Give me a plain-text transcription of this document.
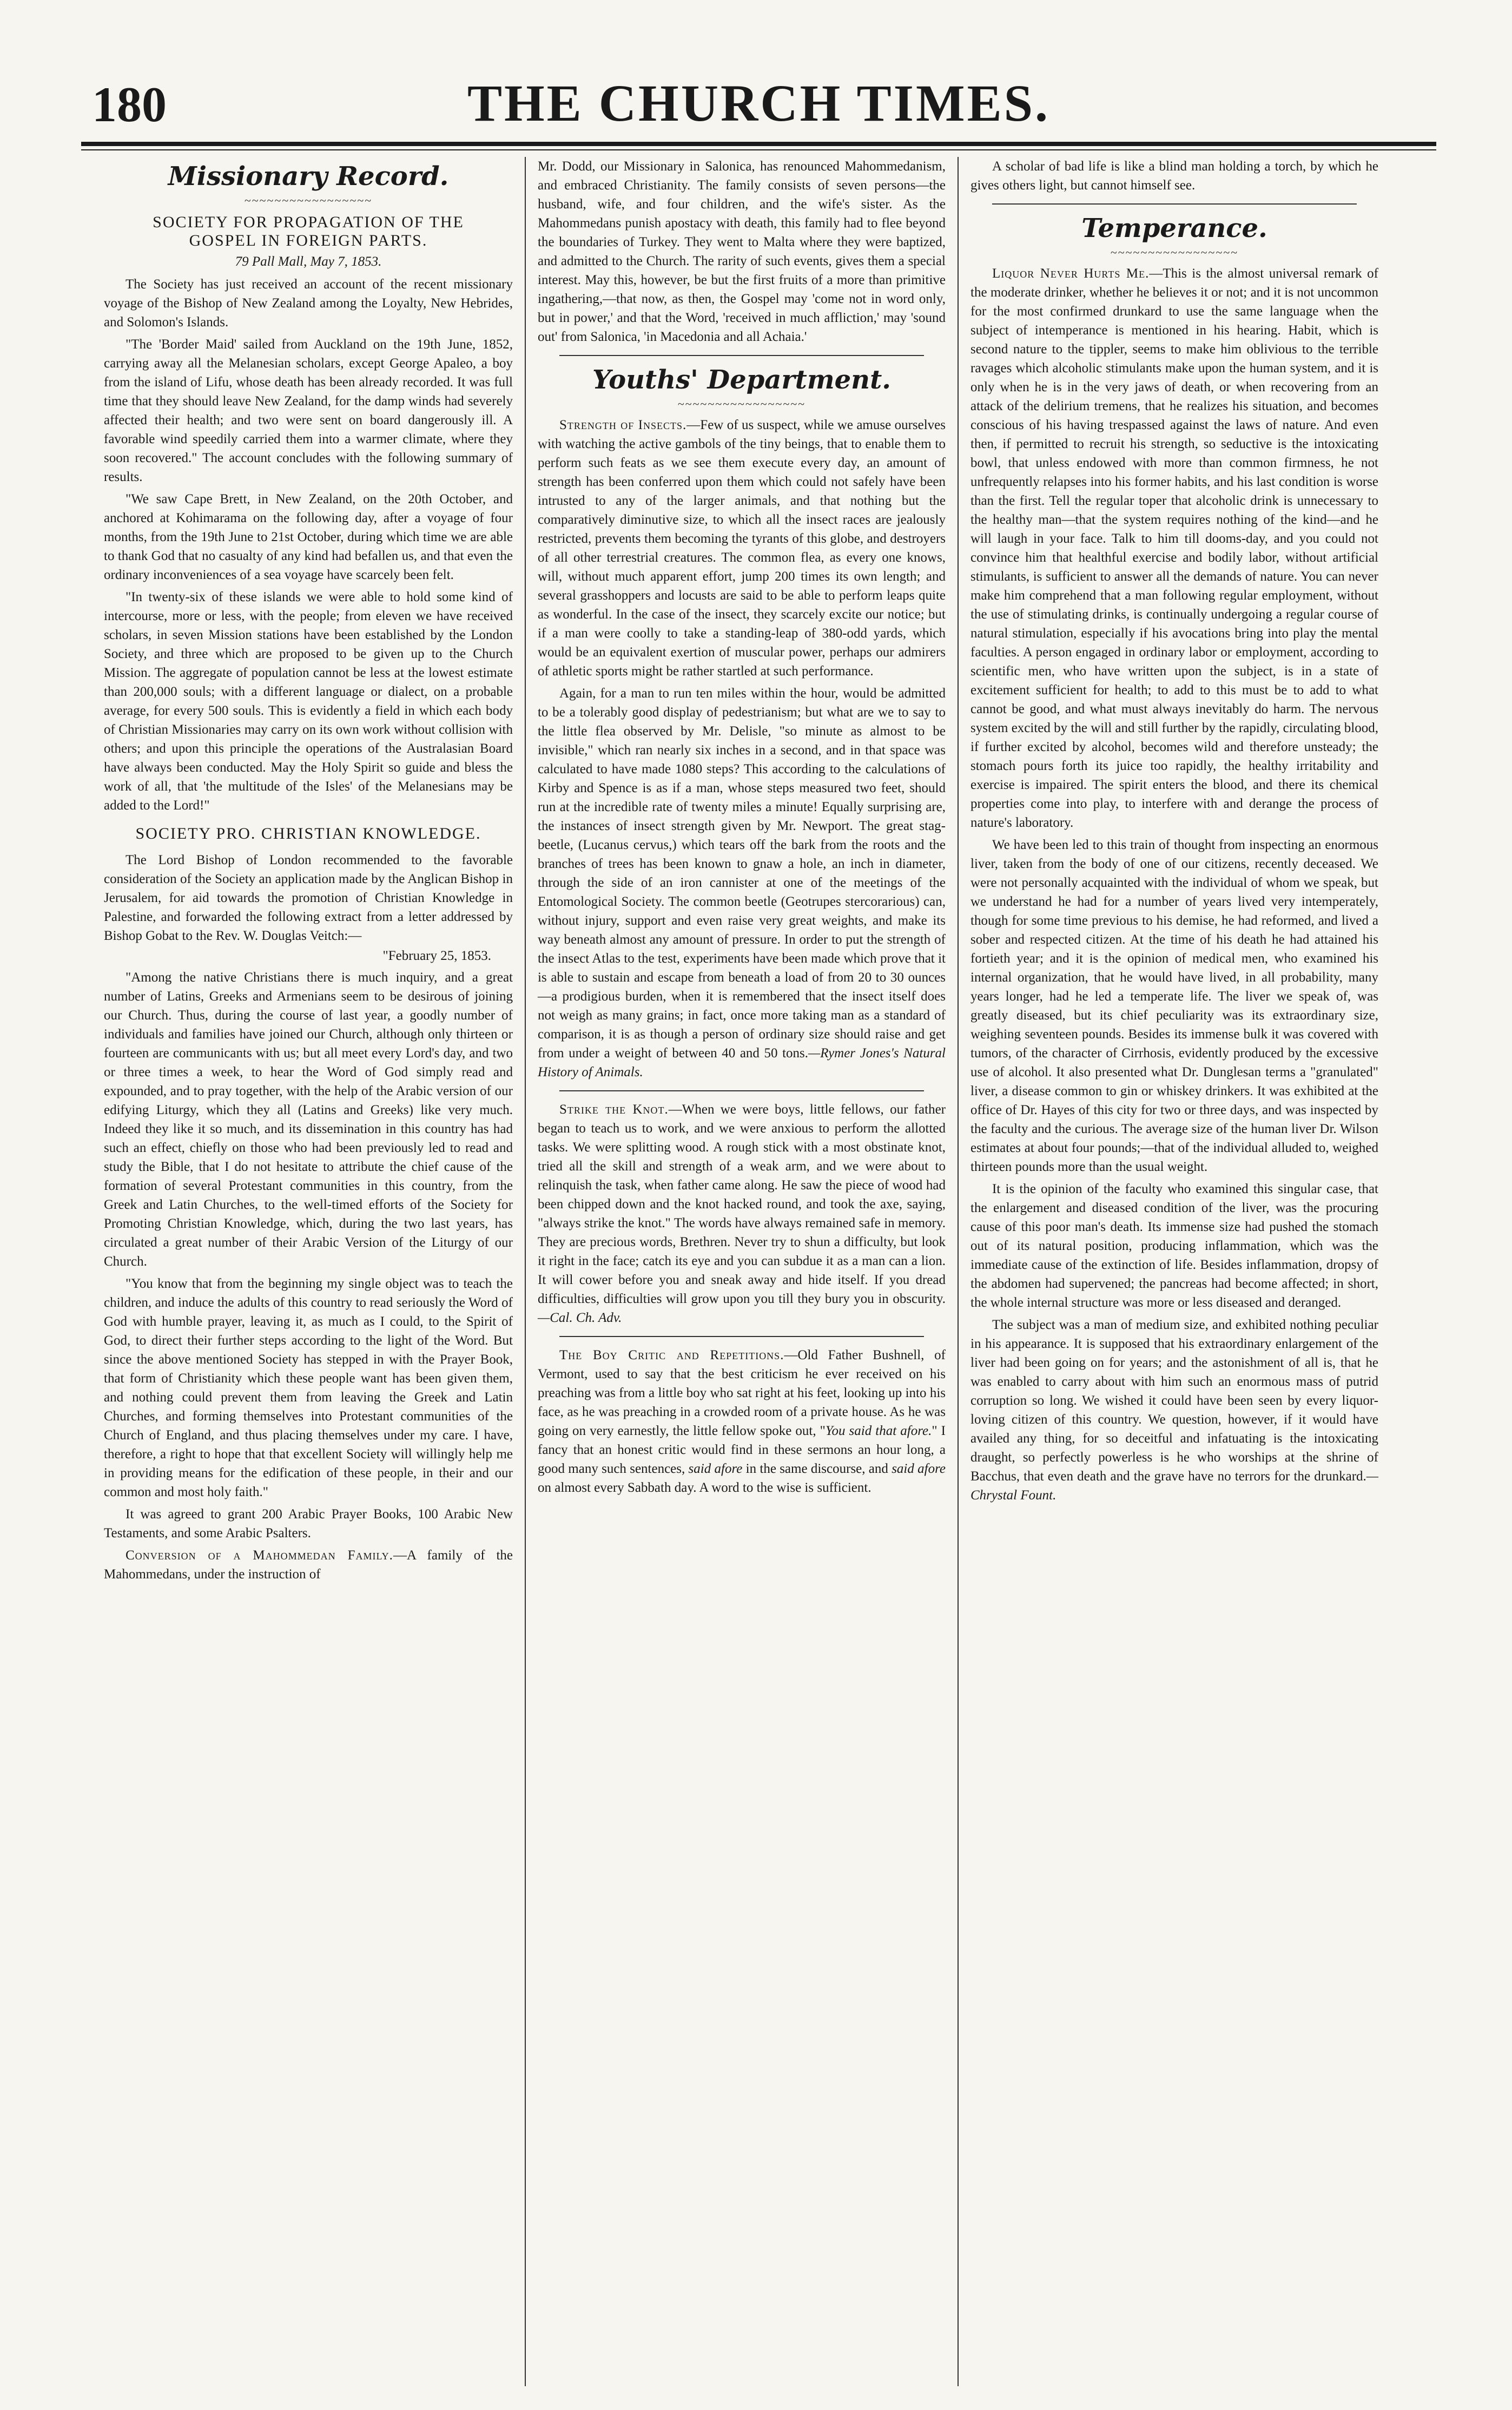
180	THE CHURCH TIMES.
Missionary Record.
~~~~~~~~~~~~~~~~~
SOCIETY FOR PROPAGATION OF THE
GOSPEL IN FOREIGN PARTS.
79 Pall Mall, May 7, 1853.

The Society has just received an account of the recent missionary voyage of the Bishop of New Zealand among the Loyalty, New Hebrides, and Solomon's Islands.

"The 'Border Maid' sailed from Auckland on the 19th June, 1852, carrying away all the Melanesian scholars, except George Apaleo, a boy from the island of Lifu, whose death has been already recorded. It was full time that they should leave New Zealand, for the damp winds had severely affected their health; and two were sent on board dangerously ill. A favorable wind speedily carried them into a warmer climate, where they soon recovered." The account concludes with the following summary of results.

"We saw Cape Brett, in New Zealand, on the 20th October, and anchored at Kohimarama on the following day, after a voyage of four months, from the 19th June to 21st October, during which time we are able to thank God that no casualty of any kind had befallen us, and that even the ordinary inconveniences of a sea voyage have scarcely been felt.

"In twenty-six of these islands we were able to hold some kind of intercourse, more or less, with the people; from eleven we have received scholars, in seven Mission stations have been established by the London Society, and three which are proposed to be given up to the Church Mission. The aggregate of population cannot be less at the lowest estimate than 200,000 souls; with a different language or dialect, on a probable average, for every 500 souls. This is evidently a field in which each body of Christian Missionaries may carry on its own work without collision with others; and upon this principle the operations of the Australasian Board have always been conducted. May the Holy Spirit so guide and bless the work of all, that 'the multitude of the Isles' of the Melanesians may be added to the Lord!"

SOCIETY PRO. CHRISTIAN KNOWLEDGE.

The Lord Bishop of London recommended to the favorable consideration of the Society an application made by the Anglican Bishop in Jerusalem, for aid towards the promotion of Christian Knowledge in Palestine, and forwarded the following extract from a letter addressed by Bishop Gobat to the Rev. W. Douglas Veitch:—

"February 25, 1853.

"Among the native Christians there is much inquiry, and a great number of Latins, Greeks and Armenians seem to be desirous of joining our Church. Thus, during the course of last year, a goodly number of individuals and families have joined our Church, although only thirteen or fourteen are communicants with us; but all meet every Lord's day, and two or three times a week, to hear the Word of God simply read and expounded, and to pray together, with the help of the Arabic version of our edifying Liturgy, which they all (Latins and Greeks) like very much. Indeed they like it so much, and its dissemination in this country has had such an effect, chiefly on those who had been previously led to read and study the Bible, that I do not hesitate to attribute the chief cause of the formation of several Protestant communities in this country, from the Greek and Latin Churches, to the well-timed efforts of the Society for Promoting Christian Knowledge, which, during the two last years, has circulated a great number of their Arabic Version of the Liturgy of our Church.

"You know that from the beginning my single object was to teach the children, and induce the adults of this country to read seriously the Word of God with humble prayer, leaving it, as much as I could, to the Spirit of God, to direct their further steps according to the light of the Word. But since the above mentioned Society has stepped in with the Prayer Book, that form of Christianity which these people want has been given them, and nothing could prevent them from leaving the Greek and Latin Churches, and forming themselves into Protestant communities of the Church of England, and thus placing themselves under my care. I have, therefore, a right to hope that that excellent Society will willingly help me in providing means for the edification of these people, in their and our common and most holy faith."

It was agreed to grant 200 Arabic Prayer Books, 100 Arabic New Testaments, and some Arabic Psalters.

Conversion of a Mahommedan Family.—A family of the Mahommedans, under the instruction of

Mr. Dodd, our Missionary in Salonica, has renounced Mahommedanism, and embraced Christianity. The family consists of seven persons—the husband, wife, and four children, and the wife's sister. As the Mahommedans punish apostacy with death, this family had to flee beyond the boundaries of Turkey. They went to Malta where they were baptized, and admitted to the Church. The rarity of such events, gives them a special interest. May this, however, be but the first fruits of a more than primitive ingathering,—that now, as then, the Gospel may 'come not in word only, but in power,' and that the Word, 'received in much affliction,' may 'sound out' from Salonica, 'in Macedonia and all Achaia.'

Youths' Department.
~~~~~~~~~~~~~~~~~

Strength of Insects.—Few of us suspect, while we amuse ourselves with watching the active gambols of the tiny beings, that to enable them to perform such feats as we see them execute every day, an amount of strength has been conferred upon them which could not safely have been intrusted to any of the larger animals, and that nothing but the comparatively diminutive size, to which all the insect races are jealously restricted, prevents them becoming the tyrants of this globe, and destroyers of all other terrestrial creatures. The common flea, as every one knows, will, without much apparent effort, jump 200 times its own length; and several grasshoppers and locusts are said to be able to perform leaps quite as wonderful. In the case of the insect, they scarcely excite our notice; but if a man were coolly to take a standing-leap of 380-odd yards, which would be an equivalent exertion of muscular power, perhaps our admirers of athletic sports might be rather startled at such performance.

Again, for a man to run ten miles within the hour, would be admitted to be a tolerably good display of pedestrianism; but what are we to say to the little flea observed by Mr. Delisle, "so minute as almost to be invisible," which ran nearly six inches in a second, and in that space was calculated to have made 1080 steps? This according to the calculations of Kirby and Spence is as if a man, whose steps measured two feet, should run at the incredible rate of twenty miles a minute! Equally surprising are, the instances of insect strength given by Mr. Newport. The great stag-beetle, (Lucanus cervus,) which tears off the bark from the roots and the branches of trees has been known to gnaw a hole, an inch in diameter, through the side of an iron cannister at one of the meetings of the Entomological Society. The common beetle (Geotrupes stercorarious) can, without injury, support and even raise very great weights, and make its way beneath almost any amount of pressure. In order to put the strength of the insect Atlas to the test, experiments have been made which prove that it is able to sustain and escape from beneath a load of from 20 to 30 ounces—a prodigious burden, when it is remembered that the insect itself does not weigh as many grains; in fact, once more taking man as a standard of comparison, it is as though a person of ordinary size should raise and get from under a weight of between 40 and 50 tons.—Rymer Jones's Natural History of Animals.

Strike the Knot.—When we were boys, little fellows, our father began to teach us to work, and we were anxious to perform the allotted tasks. We were splitting wood. A rough stick with a most obstinate knot, tried all the skill and strength of a weak arm, and we were about to relinquish the task, when father came along. He saw the piece of wood had been chipped down and the knot hacked round, and took the axe, saying, "always strike the knot." The words have always remained safe in memory. They are precious words, Brethren. Never try to shun a difficulty, but look it right in the face; catch its eye and you can subdue it as a man can a lion. It will cower before you and sneak away and hide itself. If you dread difficulties, difficulties will grow upon you till they bury you in obscurity.—Cal. Ch. Adv.

The Boy Critic and Repetitions.—Old Father Bushnell, of Vermont, used to say that the best criticism he ever received on his preaching was from a little boy who sat right at his feet, looking up into his face, as he was preaching in a crowded room of a private house. As he was going on very earnestly, the little fellow spoke out, "You said that afore." I fancy that an honest critic would find in these sermons an hour long, a good many such sentences, said afore in the same discourse, and said afore on almost every Sabbath day. A word to the wise is sufficient.

A scholar of bad life is like a blind man holding a torch, by which he gives others light, but cannot himself see.

Temperance.
~~~~~~~~~~~~~~~~~

Liquor Never Hurts Me.—This is the almost universal remark of the moderate drinker, whether he believes it or not; and it is not uncommon for the most confirmed drunkard to use the same language when the subject of intemperance is mentioned in his hearing. Habit, which is second nature to the tippler, seems to make him oblivious to the terrible ravages which alcoholic stimulants make upon the human system, and it is only when he is in the very jaws of death, or when recovering from an attack of the delirium tremens, that he realizes his situation, and becomes conscious of his having trespassed against the laws of nature. And even then, if permitted to recruit his strength, so seductive is the intoxicating bowl, that unless endowed with more than common firmness, he not unfrequently relapses into his former habits, and his last condition is worse than the first. Tell the regular toper that alcoholic drink is unnecessary to the healthy man—that the system requires nothing of the kind—and he will laugh in your face. Talk to him till dooms-day, and you could not convince him that healthful exercise and bodily labor, without artificial stimulants, is sufficient to answer all the demands of nature. You can never make him comprehend that a man following regular employment, without the use of stimulating drinks, is continually undergoing a regular course of natural stimulation, especially if his avocations bring into play the mental faculties. A person engaged in ordinary labor or employment, according to scientific men, who have written upon the subject, is in a state of excitement sufficient for health; to add to this must be to add to what cannot be good, and what must always inevitably do harm. The nervous system excited by the will and still further by the rapidly, circulating blood, if further excited by alcohol, becomes wild and therefore unsteady; the stomach pours forth its juice too rapidly, the healthy irritability and exercise is impaired. The spirit enters the blood, and there its chemical properties come into play, to interfere with and derange the process of nature's laboratory.

We have been led to this train of thought from inspecting an enormous liver, taken from the body of one of our citizens, recently deceased. We were not personally acquainted with the individual of whom we speak, but we understand he had for a number of years lived very intemperately, though for some time previous to his demise, he had reformed, and lived a sober and respected citizen. At the time of his death he had attained his fortieth year; and it is the opinion of medical men, who examined his internal organization, that he would have lived, in all probability, many years longer, had he led a temperate life. The liver we speak of, was greatly diseased, but its chief peculiarity was its extraordinary size, weighing seventeen pounds. Besides its immense bulk it was covered with tumors, of the character of Cirrhosis, evidently produced by the excessive use of alcohol. It also presented what Dr. Dunglesan terms a "granulated" liver, a disease common to gin or whiskey drinkers. It was exhibited at the office of Dr. Hayes of this city for two or three days, and was inspected by the faculty and the curious. The average size of the human liver Dr. Wilson estimates at about four pounds;—that of the individual alluded to, weighed thirteen pounds more than the usual weight.

It is the opinion of the faculty who examined this singular case, that the enlargement and diseased condition of the liver, was the procuring cause of this poor man's death. Its immense size had pushed the stomach out of its natural position, producing inflammation, which was the immediate cause of the extinction of life. Besides inflammation, dropsy of the abdomen had supervened; the pancreas had become affected; in short, the whole internal structure was more or less diseased and deranged.

The subject was a man of medium size, and exhibited nothing peculiar in his appearance. It is supposed that his extraordinary enlargement of the liver had been going on for years; and the astonishment of all is, that he was enabled to carry about with him such an enormous mass of putrid corruption so long. We wished it could have been seen by every liquor-loving citizen of this country. We question, however, if it would have availed any thing, for so deceitful and infatuating is the intoxicating draught, so perfectly powerless is he who worships at the shrine of Bacchus, that even death and the grave have no terrors for the drunkard.—Chrystal Fount.
